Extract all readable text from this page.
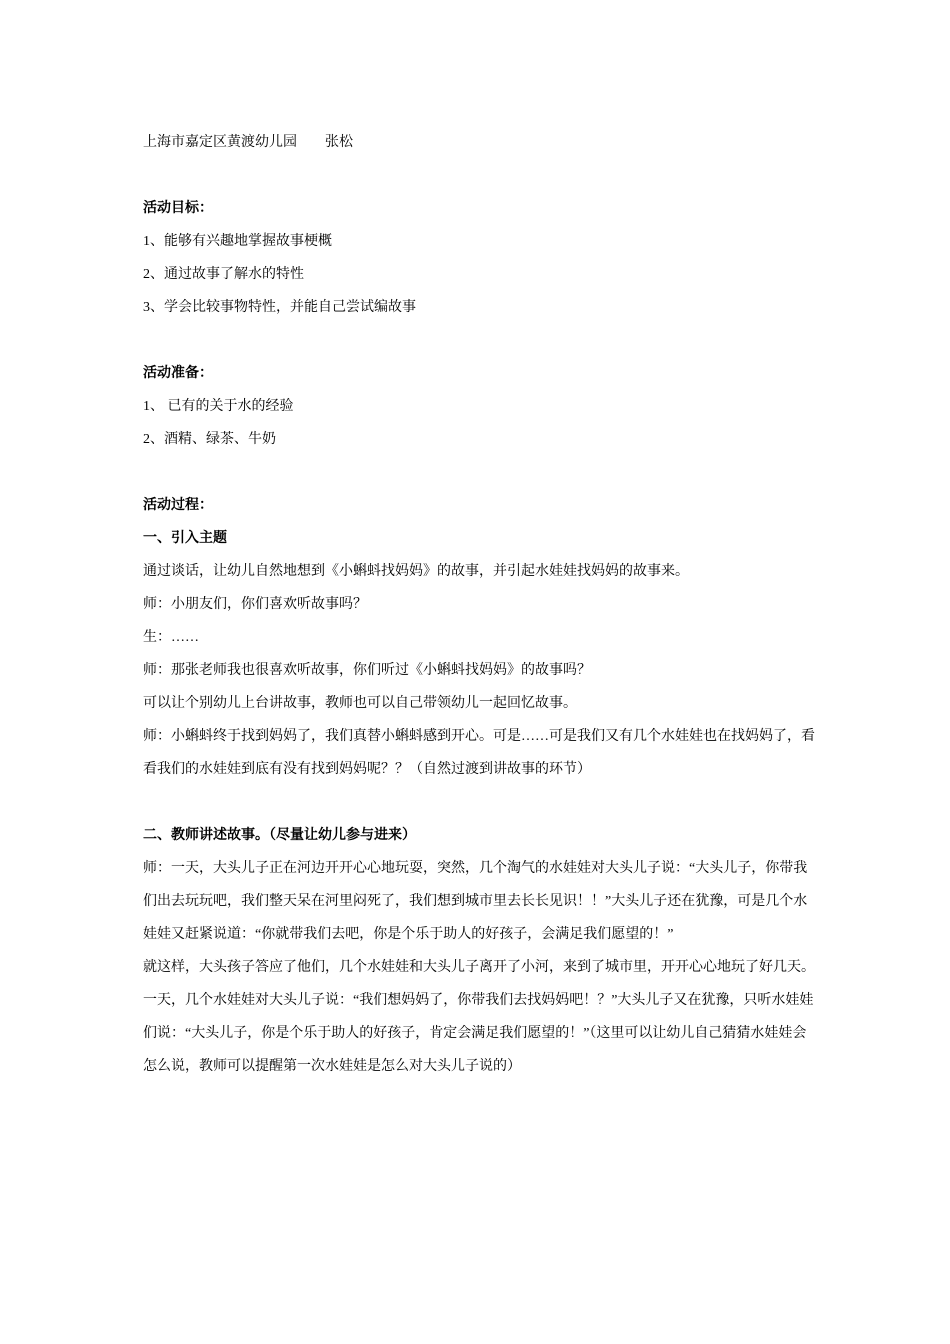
上海市嘉定区黄渡幼儿园 张松

活动目标：

1、能够有兴趣地掌握故事梗概

2、通过故事了解水的特性

3、学会比较事物特性，并能自己尝试编故事

活动准备：

1、 已有的关于水的经验

2、酒精、绿茶、牛奶

活动过程：

一、引入主题

通过谈话，让幼儿自然地想到《小蝌蚪找妈妈》的故事，并引起水娃娃找妈妈的故事来。

师：小朋友们，你们喜欢听故事吗？

生：……

师：那张老师我也很喜欢听故事，你们听过《小蝌蚪找妈妈》的故事吗？

可以让个别幼儿上台讲故事，教师也可以自己带领幼儿一起回忆故事。

师：小蝌蚪终于找到妈妈了，我们真替小蝌蚪感到开心。可是……可是我们又有几个水娃娃也在找妈妈了，看看我们的水娃娃到底有没有找到妈妈呢？？（自然过渡到讲故事的环节）

二、教师讲述故事。（尽量让幼儿参与进来）

师：一天，大头儿子正在河边开开心心地玩耍，突然，几个淘气的水娃娃对大头儿子说：“大头儿子，你带我们出去玩玩吧，我们整天呆在河里闷死了，我们想到城市里去长长见识！！”大头儿子还在犹豫，可是几个水娃娃又赶紧说道：“你就带我们去吧，你是个乐于助人的好孩子，会满足我们愿望的！”

就这样，大头孩子答应了他们，几个水娃娃和大头儿子离开了小河，来到了城市里，开开心心地玩了好几天。

一天，几个水娃娃对大头儿子说：“我们想妈妈了，你带我们去找妈妈吧！？”大头儿子又在犹豫，只听水娃娃们说：“大头儿子，你是个乐于助人的好孩子，肯定会满足我们愿望的！”（这里可以让幼儿自己猜猜水娃娃会怎么说，教师可以提醒第一次水娃娃是怎么对大头儿子说的）
